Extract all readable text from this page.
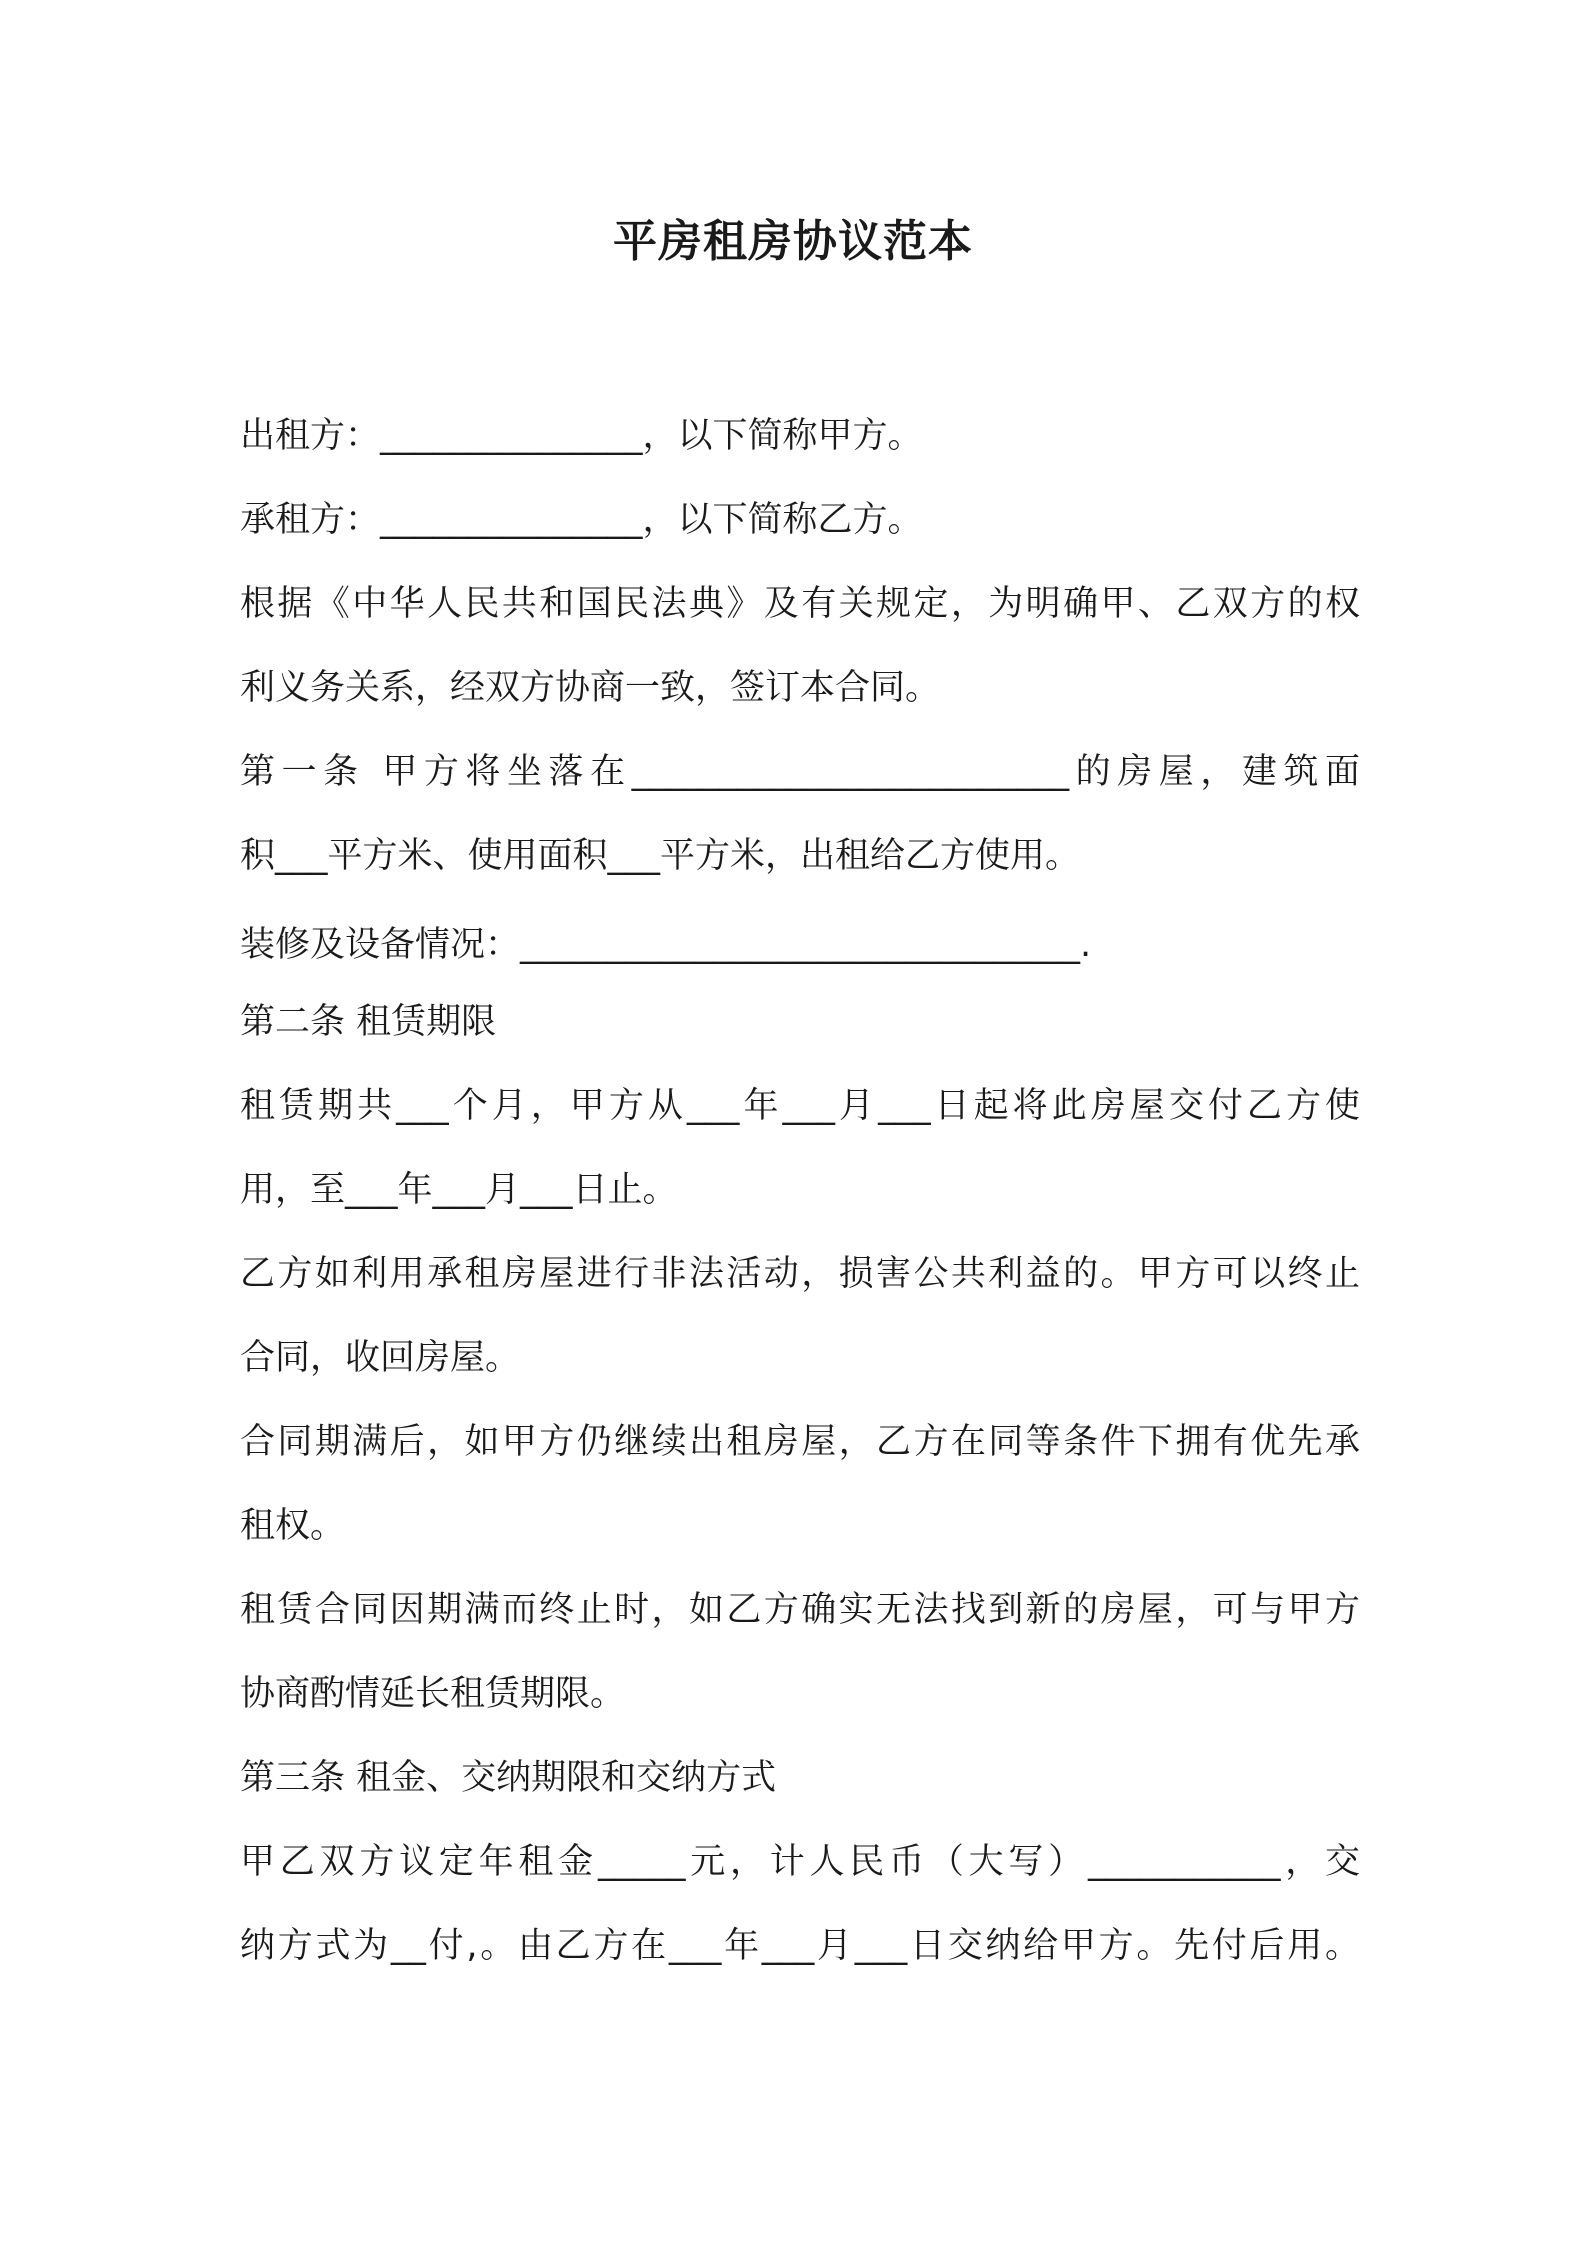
平房租房协议范本
出租方：_______________，以下简称甲方。
承租方：_______________，以下简称乙方。
根据《中华人民共和国民法典》及有关规定，为明确甲、乙双方的权
利义务关系，经双方协商一致，签订本合同。
第一条 甲方将坐落在_________________________的房屋，建筑面
积___平方米、使用面积___平方米，出租给乙方使用。
装修及设备情况：________________________________.
第二条 租赁期限
租赁期共___个月，甲方从___年___月___日起将此房屋交付乙方使
用，至___年___月___日止。
乙方如利用承租房屋进行非法活动，损害公共利益的。甲方可以终止
合同，收回房屋。
合同期满后，如甲方仍继续出租房屋，乙方在同等条件下拥有优先承
租权。
租赁合同因期满而终止时，如乙方确实无法找到新的房屋，可与甲方
协商酌情延长租赁期限。
第三条 租金、交纳期限和交纳方式
甲乙双方议定年租金_____元，计人民币（大写）___________，交
纳方式为__付,。由乙方在___年___月___日交纳给甲方。先付后用。
